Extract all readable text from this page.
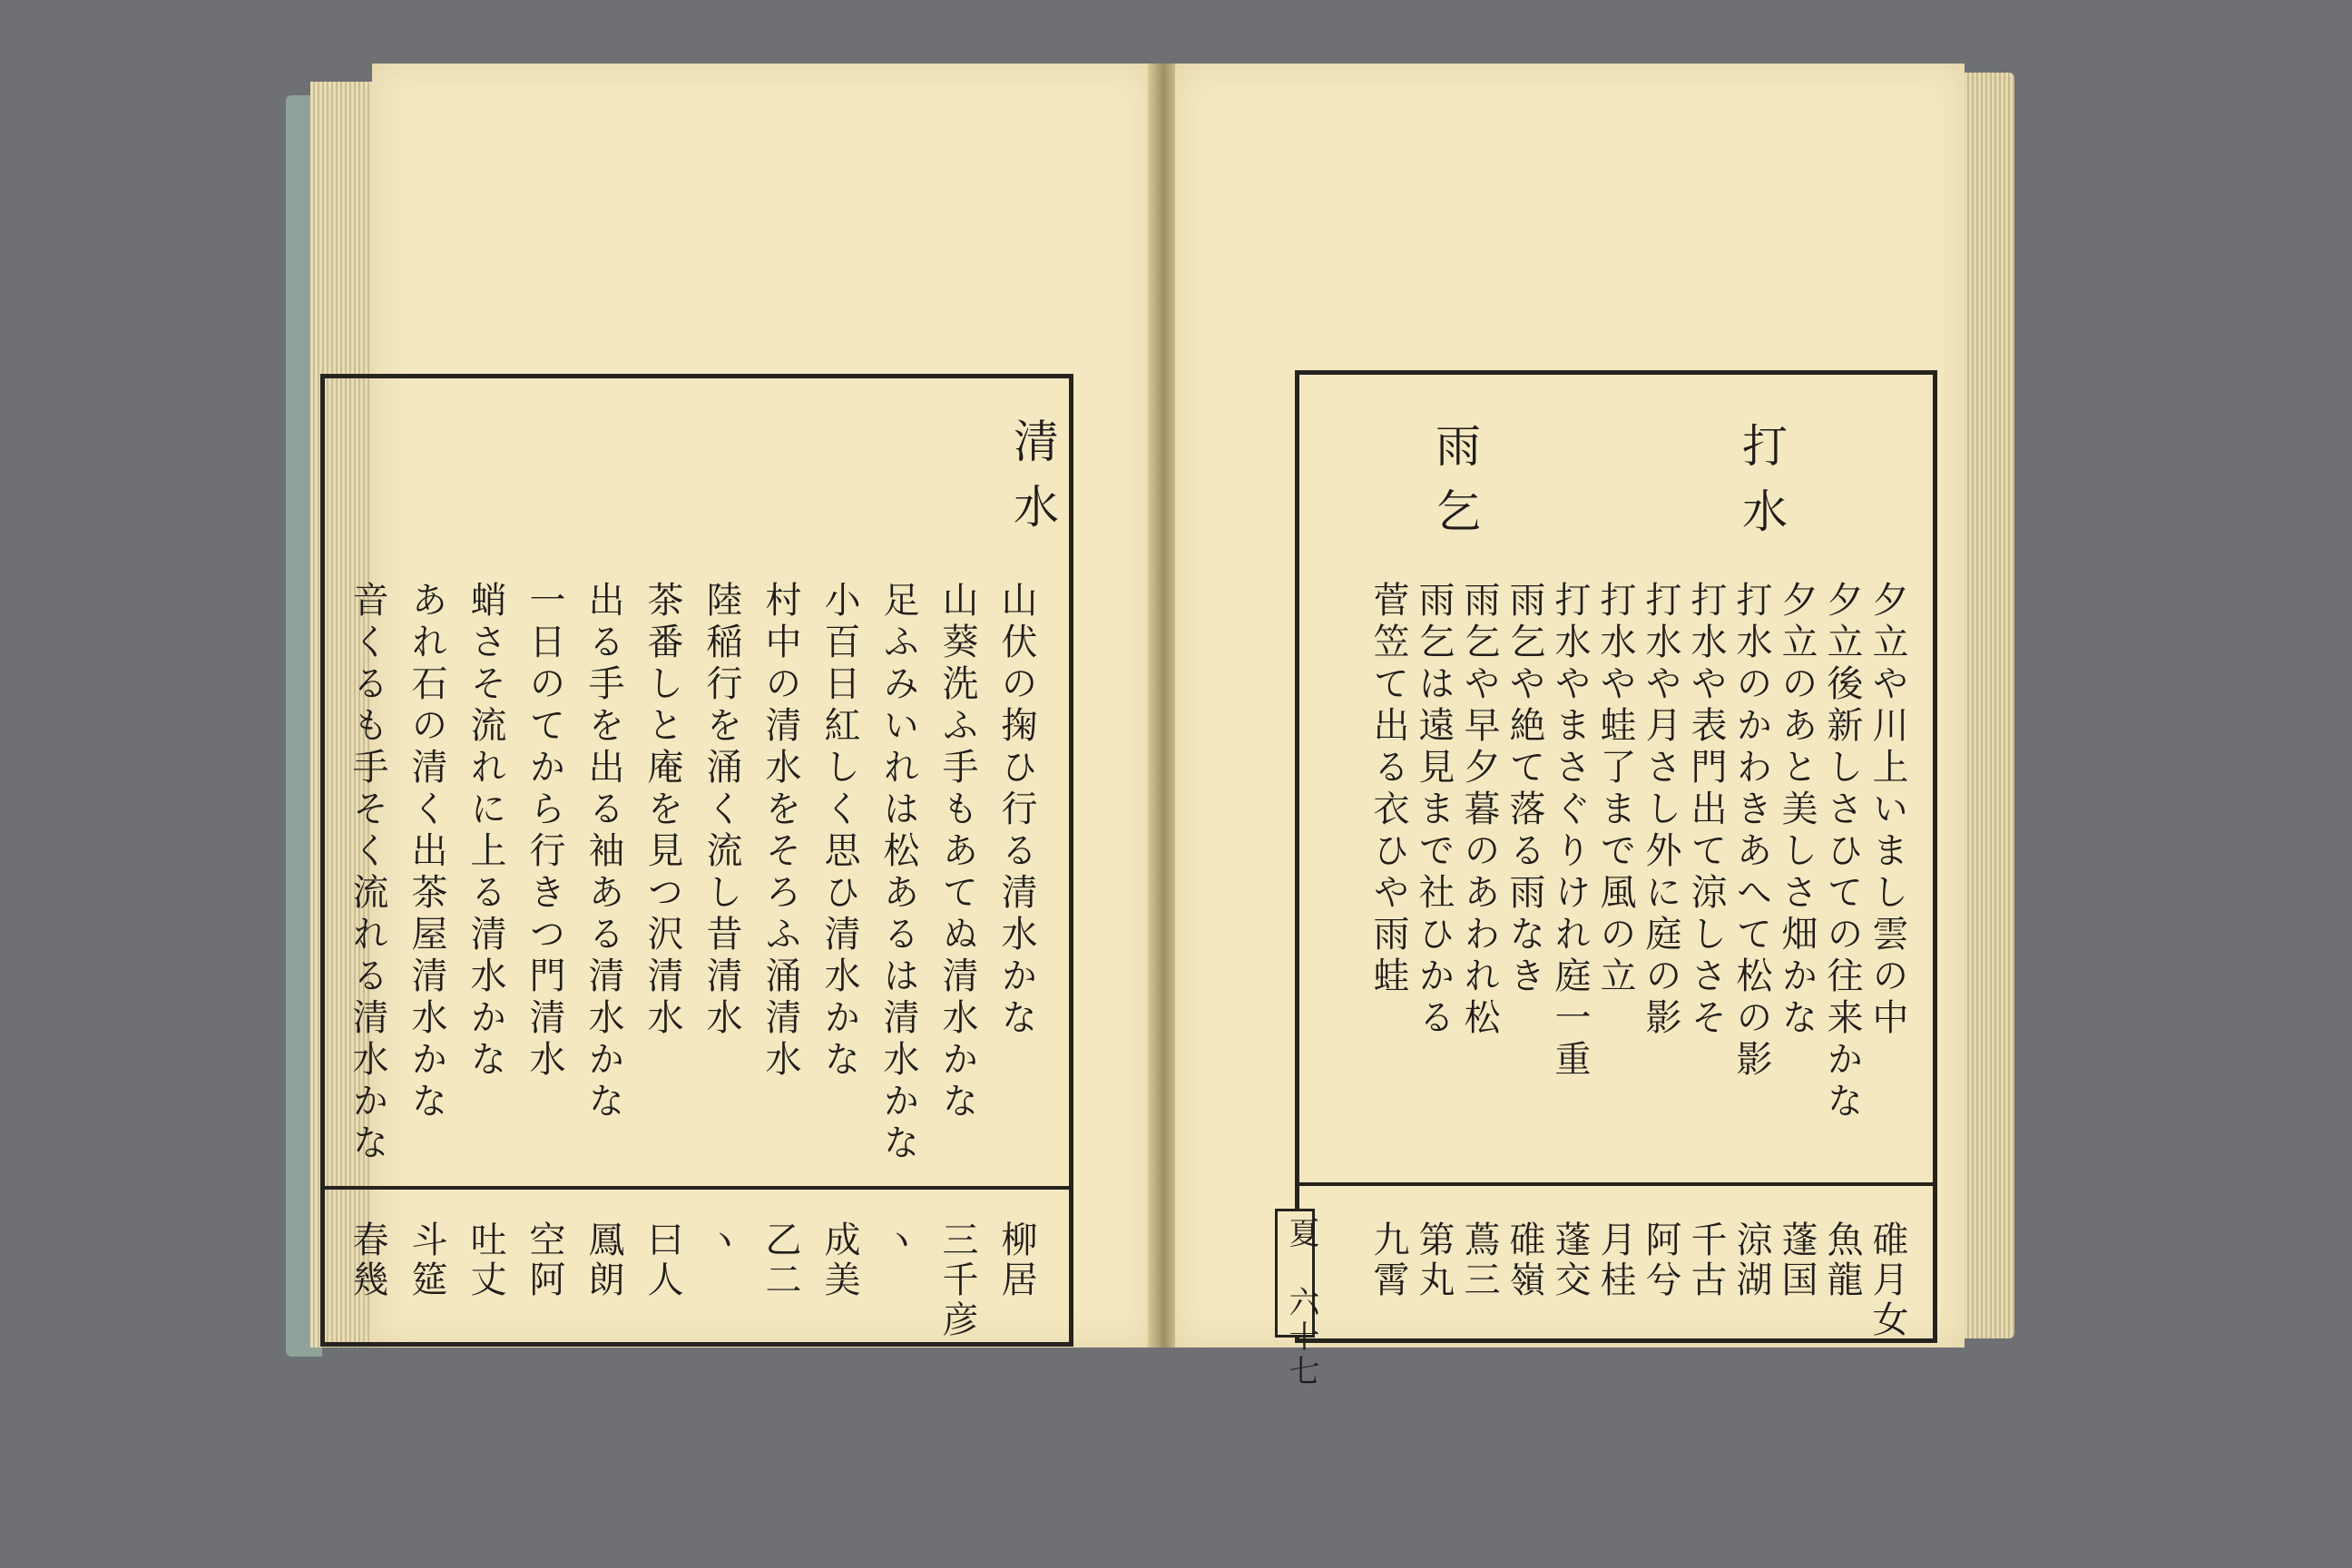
清水
山伏の掬ひ行る清水かな
山葵洗ふ手もあてぬ清水かな
足ふみいれは松あるは清水かな
小百日紅しく思ひ清水かな
村中の清水をそろふ涌清水
陸稲行を涌く流し昔清水
茶番しと庵を見つ沢清水
出る手を出る袖ある清水かな
一日のてから行きつ門清水
蛸さそ流れに上る清水かな
あれ石の清く出茶屋清水かな
音くるも手そく流れる清水かな
柳居
三千彦
ヽ
成美
乙二
ヽ
曰人
鳳朗
空阿
吐丈
斗筵
春幾
打水
雨乞
夕立や川上いまし雲の中
夕立後新しさひての往来かな
夕立のあと美しさ畑かな
打水のかわきあへて松の影
打水や表門出て涼しさそ
打水や月さし外に庭の影
打水や蛙了まで風の立
打水やまさぐりけれ庭一重
雨乞や絶て落る雨なき
雨乞や早夕暮のあわれ松
雨乞は遠見まで社ひかる
菅笠て出る衣ひや雨蛙
碓月女
魚龍
蓬国
涼湖
千古
阿兮
月桂
蓬交
碓嶺
蔦三
第丸
九霄
夏　六十七
